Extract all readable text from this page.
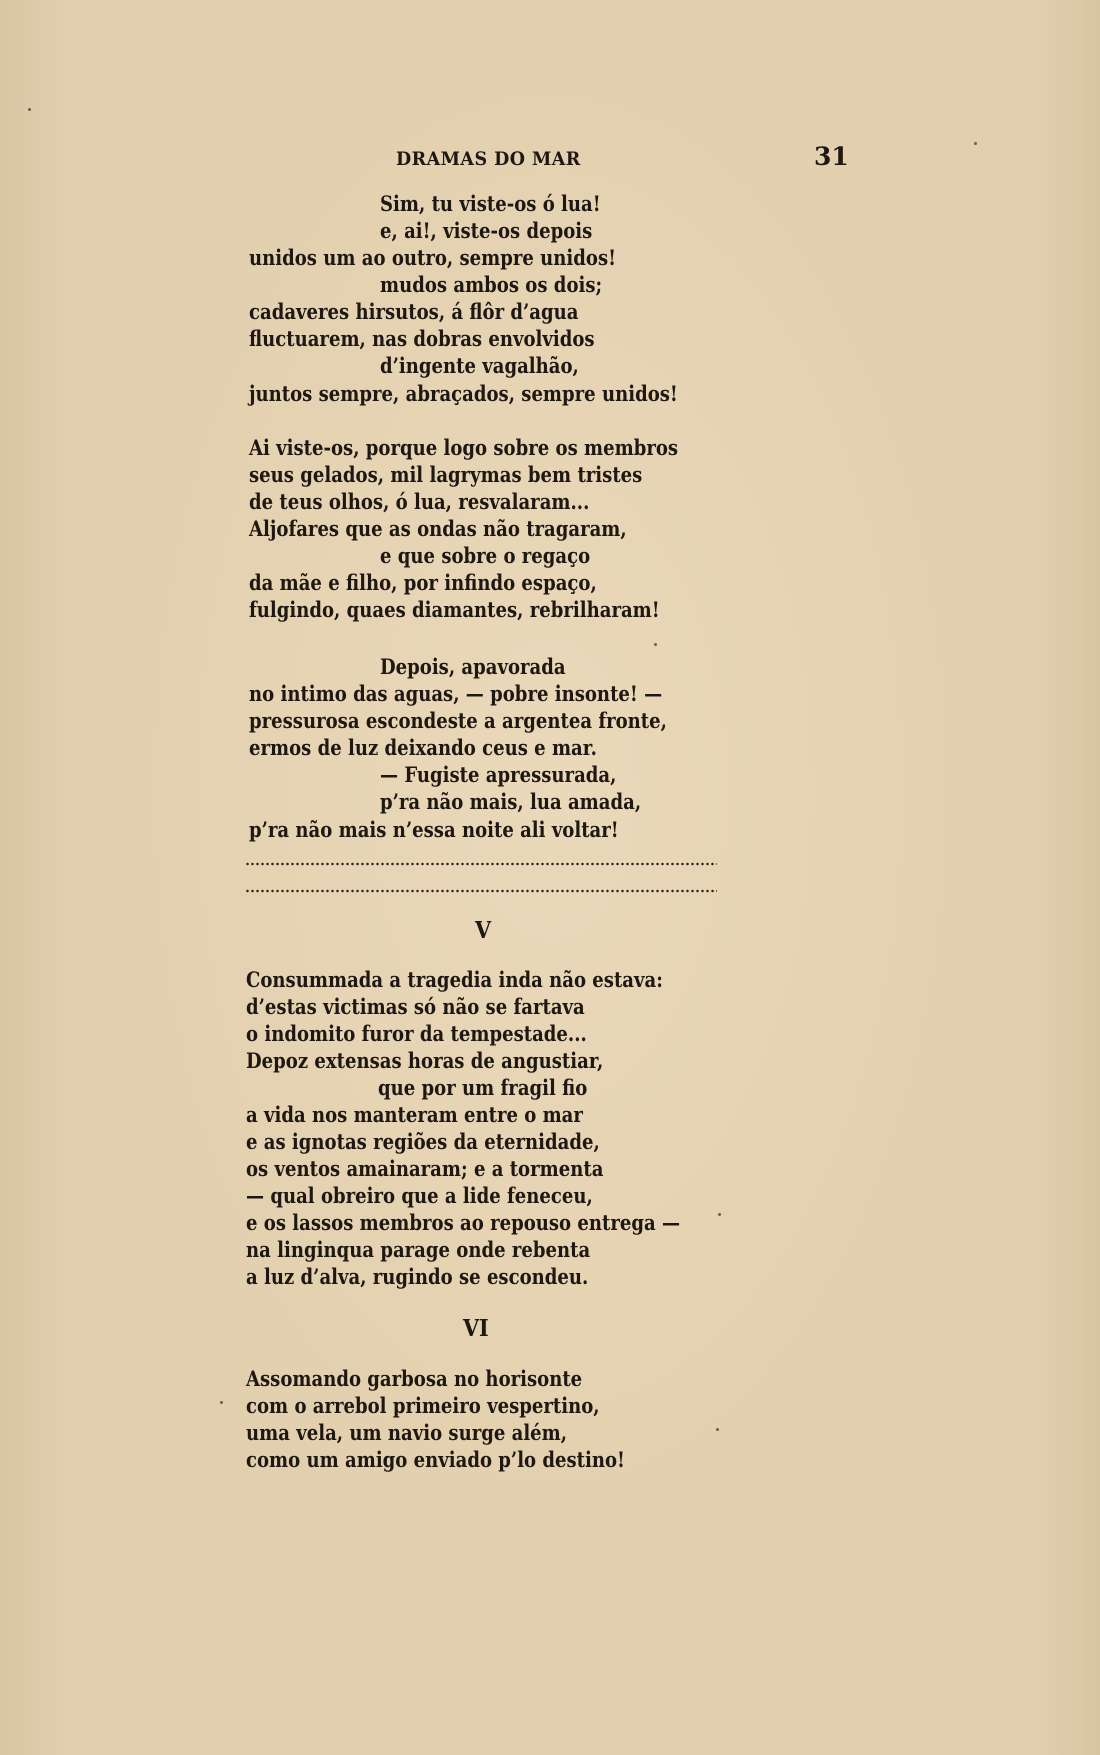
DRAMAS DO MAR	31
Sim, tu viste-os ó lua!
e, ai!, viste-os depois
unidos um ao outro, sempre unidos!
mudos ambos os dois;
cadaveres hirsutos, á flôr d’agua
fluctuarem, nas dobras envolvidos
d’ingente vagalhão,
juntos sempre, abraçados, sempre unidos!
Ai viste-os, porque logo sobre os membros
seus gelados, mil lagrymas bem tristes
de teus olhos, ó lua, resvalaram...
Aljofares que as ondas não tragaram,
e que sobre o regaço
da mãe e filho, por infindo espaço,
fulgindo, quaes diamantes, rebrilharam!
Depois, apavorada
no intimo das aguas, — pobre insonte! —
pressurosa escondeste a argentea fronte,
ermos de luz deixando ceus e mar.
— Fugiste apressurada,
p’ra não mais, lua amada,
p’ra não mais n’essa noite ali voltar!
V
Consummada a tragedia inda não estava:
d’estas victimas só não se fartava
o indomito furor da tempestade...
Depoz extensas horas de angustiar,
que por um fragil fio
a vida nos manteram entre o mar
e as ignotas regiões da eternidade,
os ventos amainaram; e a tormenta
— qual obreiro que a lide feneceu,
e os lassos membros ao repouso entrega —
na linginqua parage onde rebenta
a luz d’alva, rugindo se escondeu.
VI
Assomando garbosa no horisonte
com o arrebol primeiro vespertino,
uma vela, um navio surge além,
como um amigo enviado p’lo destino!
